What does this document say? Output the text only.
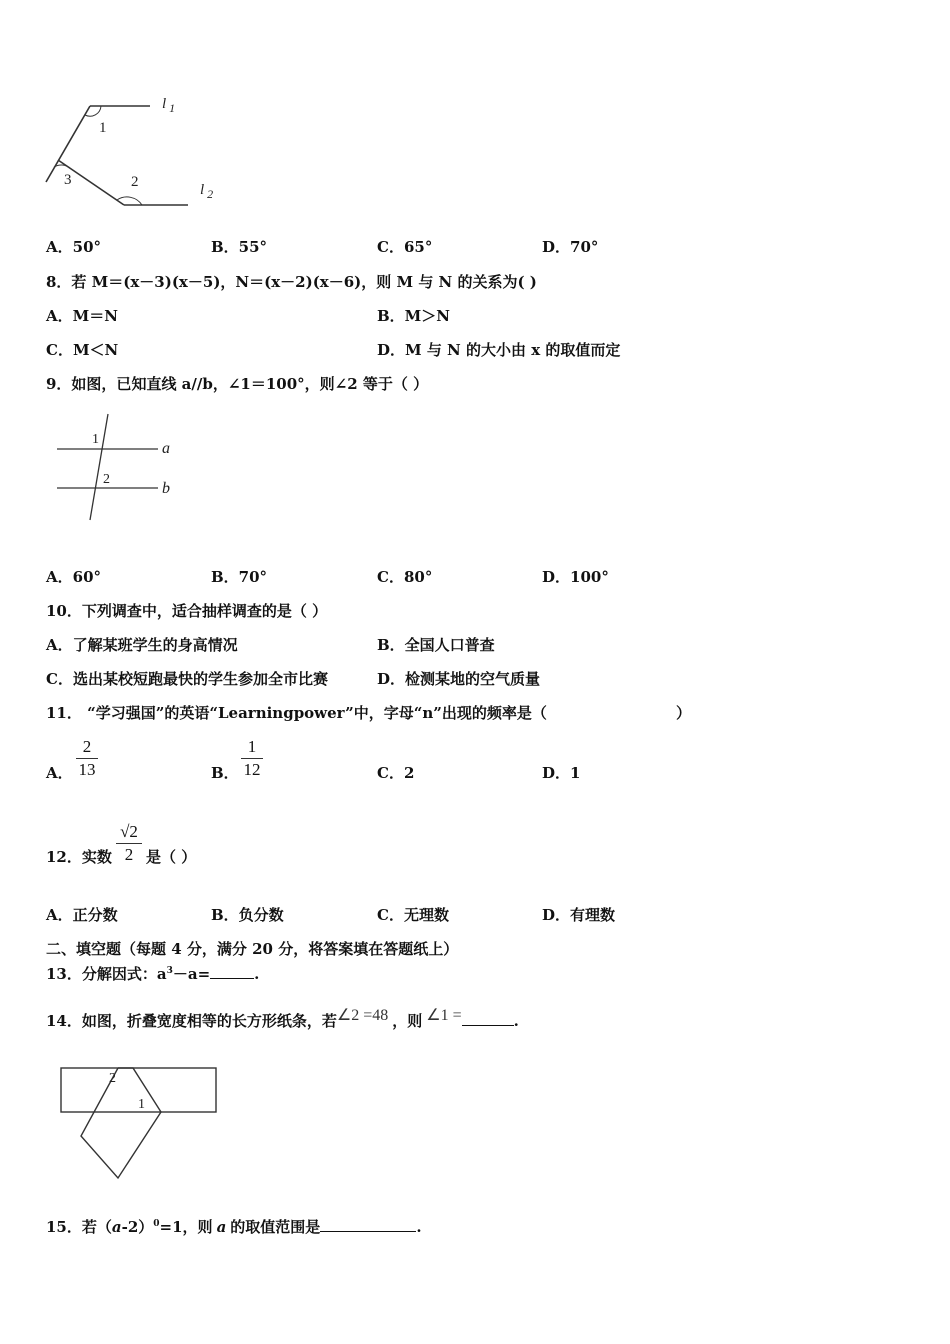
1
3	2
l $_1$
l $_2$
A．50°	B．55°	C．65°	D．70°
8．若 M＝(x－3)(x－5)，N＝(x－2)(x－6)，则 M 与 N 的关系为( )
A．M＝N	B．M＞N
C．M＜N	D．M 与 N 的大小由 x 的取值而定
9．如图，已知直线 a//b，∠1＝100°，则∠2 等于（ ）
1
2
a
b
A．60°	B．70°	C．80°	D．100°
10．下列调查中，适合抽样调查的是（ ）
A．了解某班学生的身高情况	B．全国人口普查
C．选出某校短跑最快的学生参加全市比赛	D．检测某地的空气质量
11． “学习强国”的英语“Learningpower”中，字母“n”出现的频率是（	）
A．
2
13	B．
1
12	C．2	D．1
12．实数
√2
2 是（ ）
A．正分数	B．负分数	C．无理数	D．有理数
二、填空题（每题 4 分，满分 20 分，将答案填在答题纸上）
13．分解因式：$a^3-a=$	.
14．如图，折叠宽度相等的长方形纸条，若∠2 =48 ，则 ∠1 =	.
2
1
15．若$(a-2)^0=1$，则 a 的取值范围是	.
